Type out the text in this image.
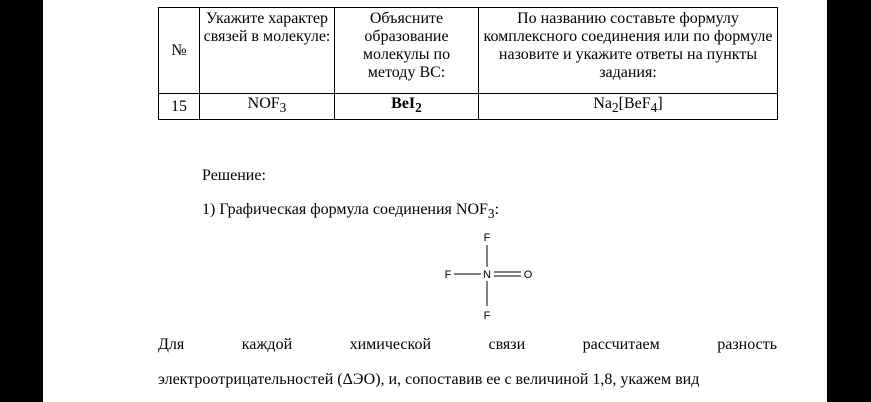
№	Укажите характер связей в молекуле:	Объясните образование молекулы по методу ВС:	По названию составьте формулу комплексного соединения или по формуле назовите и укажите ответы на пункты задания:
15	$NOF_3$	BeI$_2$	$Na_2[BeF_4]$
Решение:
1) Графическая формула соединения $NOF_3$:
F
F	N	O
F
Для	каждой	химической	связи	рассчитаем	разность
электроотрицательностей (ΔЭО), и, сопоставив ее с величиной 1,8, укажем вид
